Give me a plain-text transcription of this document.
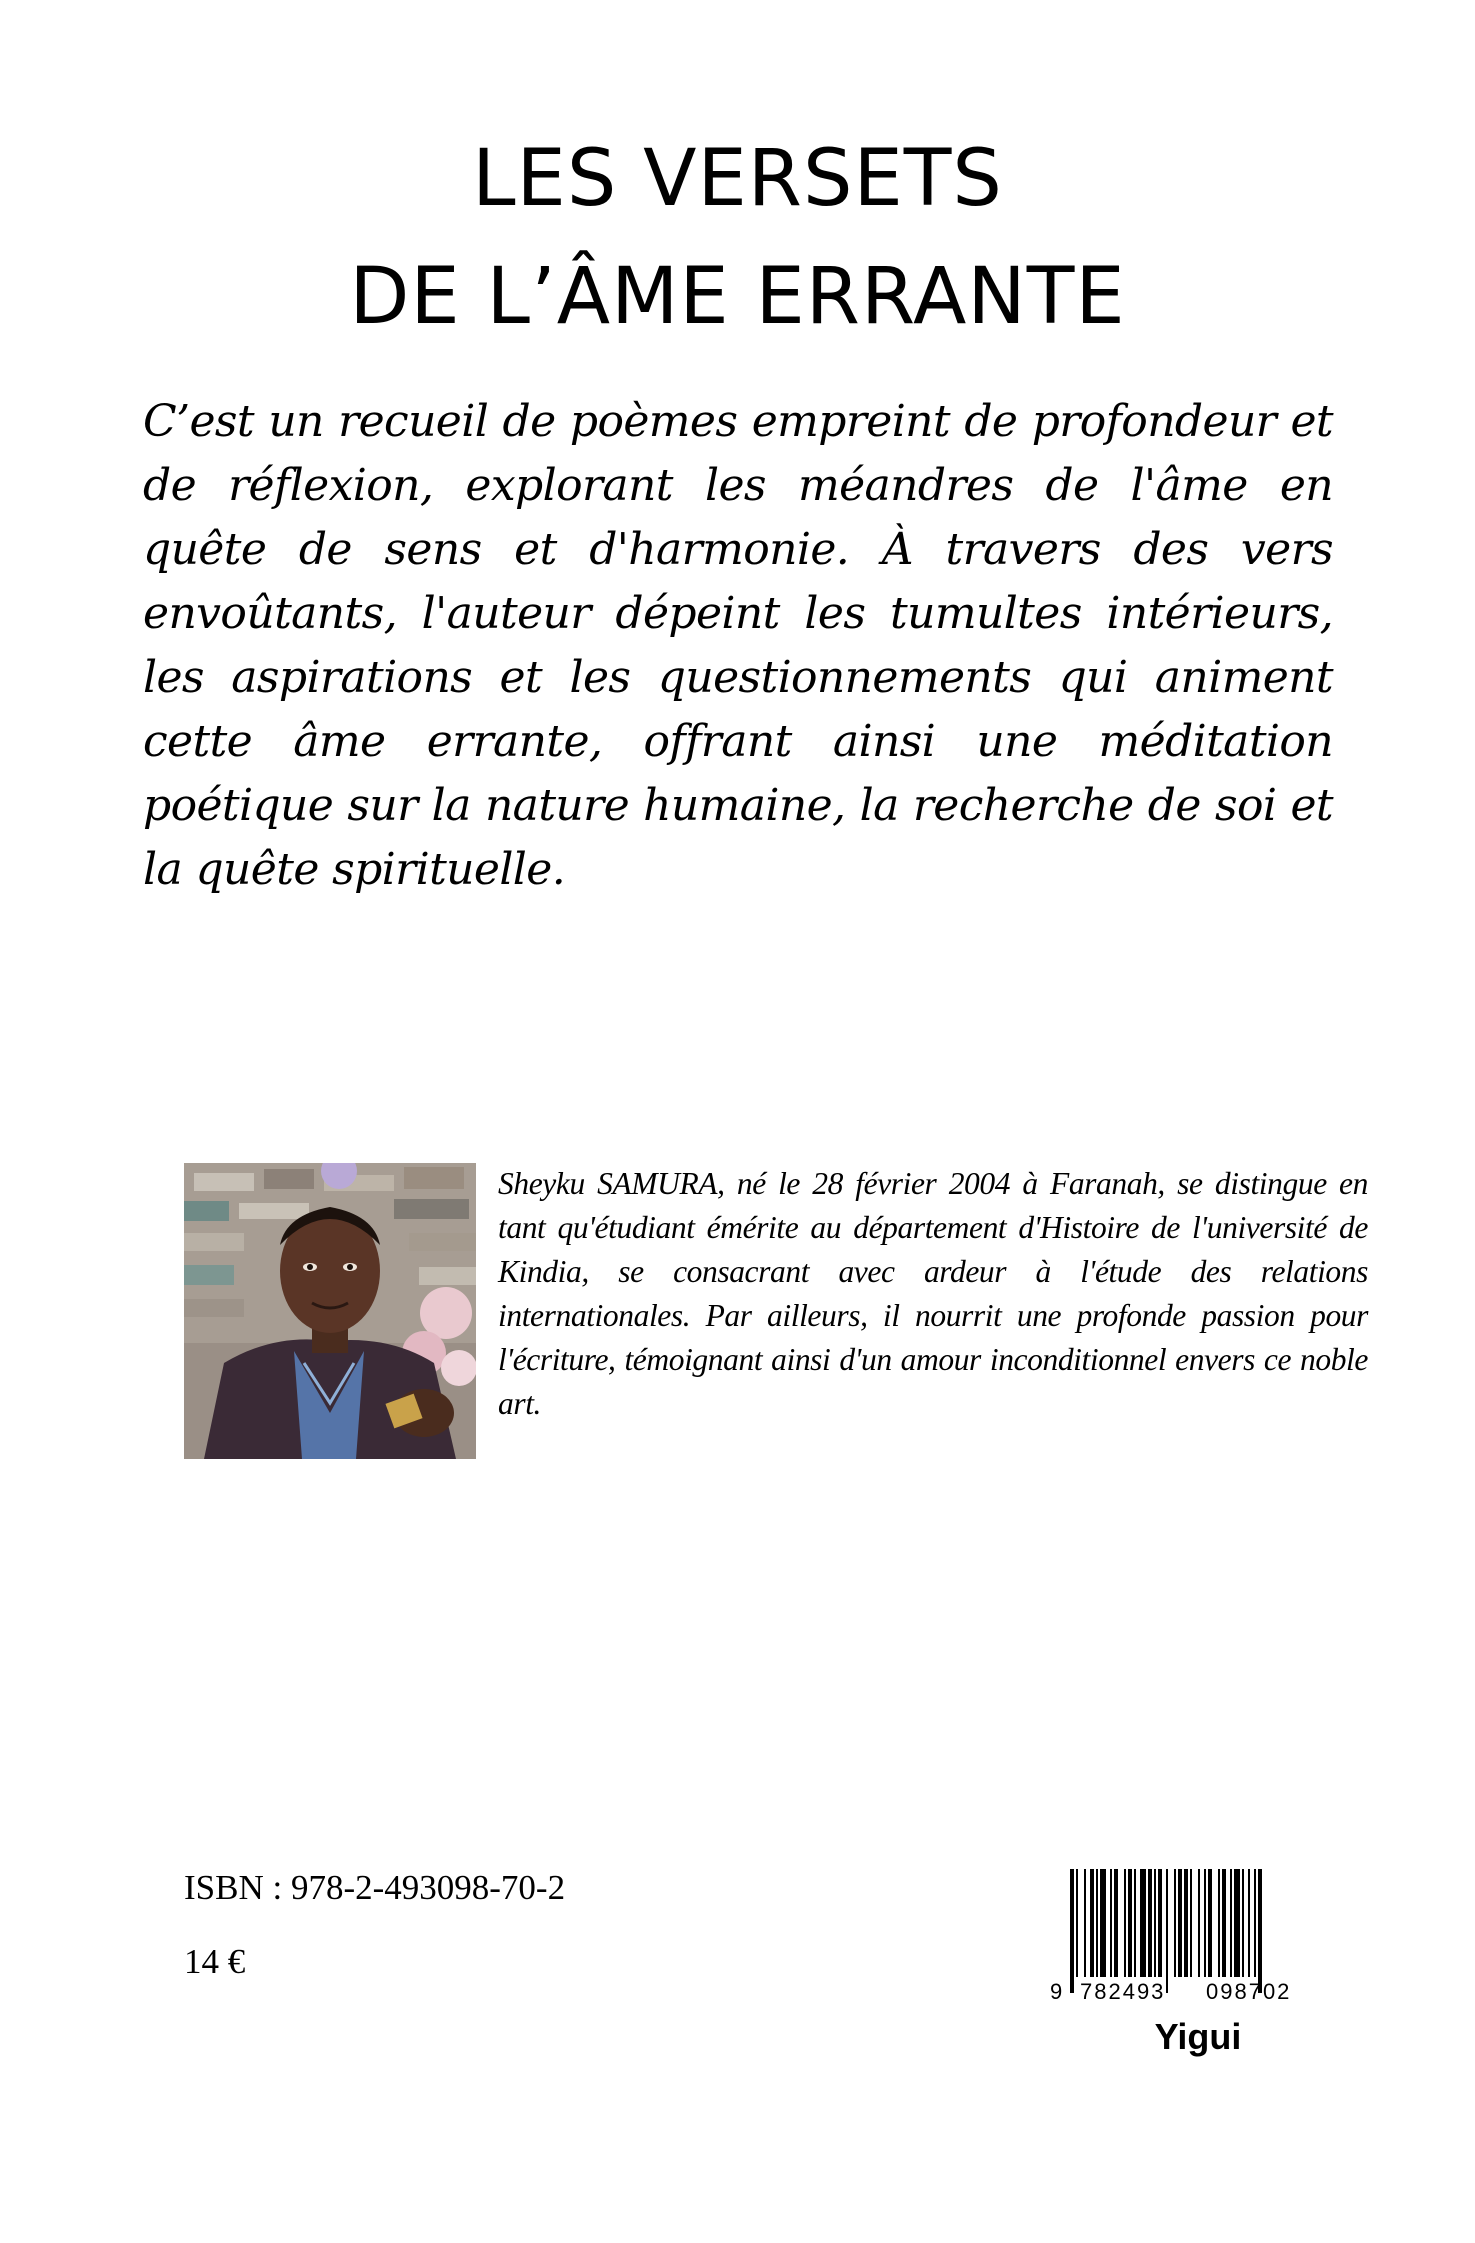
LES VERSETS
DE L’ÂME ERRANTE
C’est un recueil de poèmes empreint de profondeur et de réflexion, explorant les méandres de l'âme en quête de sens et d'harmonie. À travers des vers envoûtants, l'auteur dépeint les tumultes intérieurs, les aspirations et les questionnements qui animent cette âme errante, offrant ainsi une méditation poétique sur la nature humaine, la recherche de soi et la quête spirituelle.
Sheyku SAMURA, né le 28 février 2004 à Faranah, se distingue en tant qu'étudiant émérite au département d'Histoire de l'université de Kindia, se consacrant avec ardeur à l'étude des relations internationales. Par ailleurs, il nourrit une profonde passion pour l'écriture, témoignant ainsi d'un amour inconditionnel envers ce noble art.
ISBN : 978-2-493098-70-2
14 €
9 782493 098702
Yigui
